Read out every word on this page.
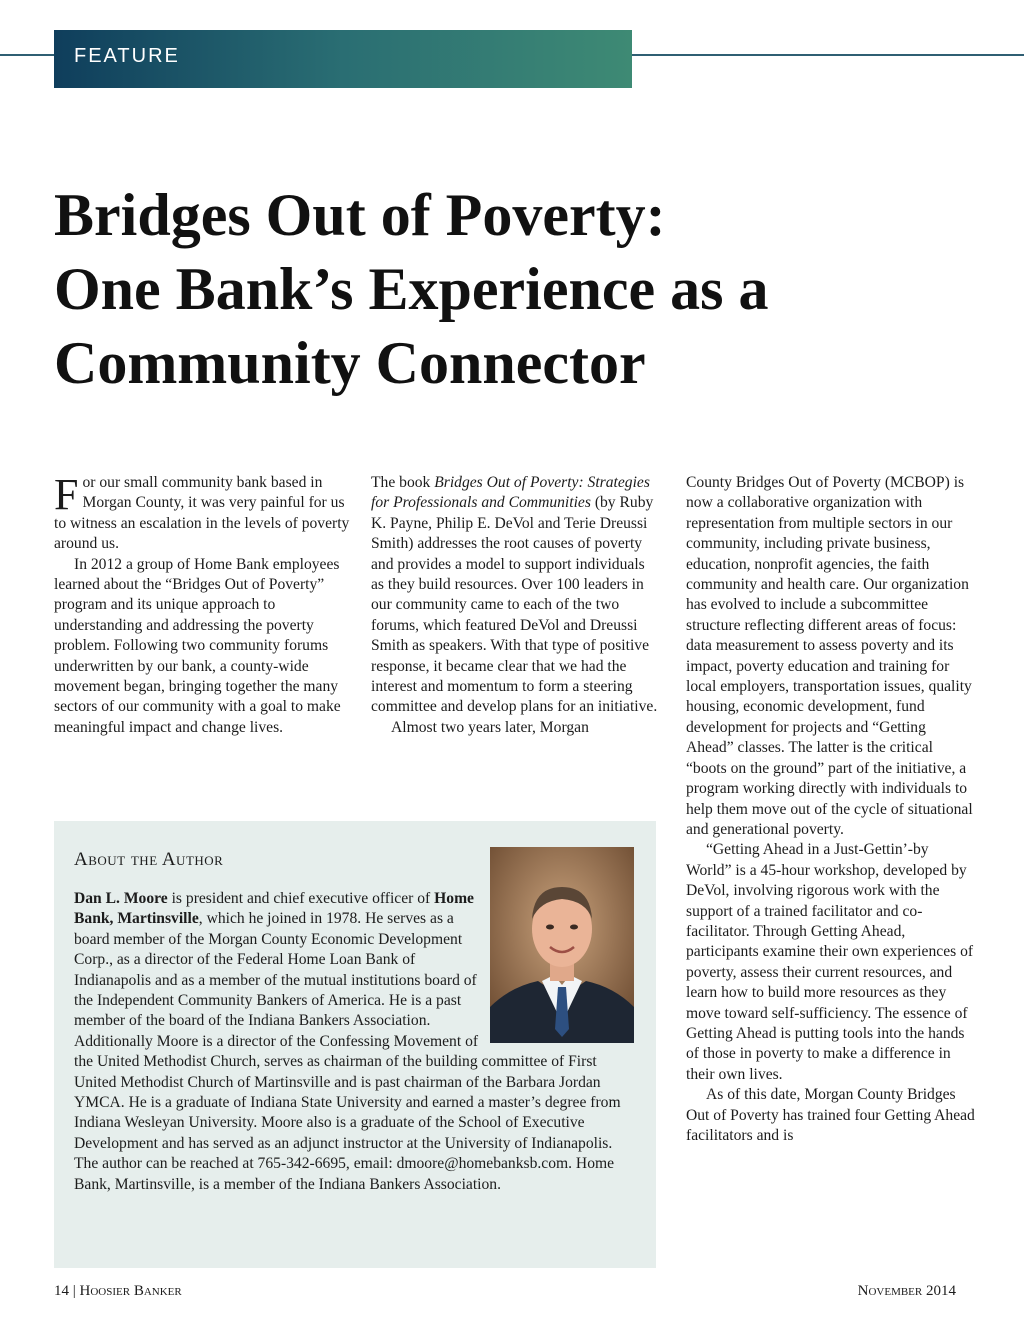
FEATURE
Bridges Out of Poverty:
One Bank’s Experience as a
Community Connector

For our small community bank based in Morgan County, it was very painful for us to witness an escalation in the levels of poverty around us.

In 2012 a group of Home Bank employees learned about the “Bridges Out of Poverty” program and its unique approach to understanding and addressing the poverty problem. Following two community forums underwritten by our bank, a county-wide movement began, bringing together the many sectors of our community with a goal to make meaningful impact and change lives.

The book Bridges Out of Poverty: Strategies for Professionals and Communities (by Ruby K. Payne, Philip E. DeVol and Terie Dreussi Smith) addresses the root causes of poverty and provides a model to support individuals as they build resources. Over 100 leaders in our community came to each of the two forums, which featured DeVol and Dreussi Smith as speakers. With that type of positive response, it became clear that we had the interest and momentum to form a steering committee and develop plans for an initiative.

Almost two years later, Morgan

County Bridges Out of Poverty (MCBOP) is now a collaborative organization with representation from multiple sectors in our community, including private business, education, nonprofit agencies, the faith community and health care. Our organization has evolved to include a subcommittee structure reflecting different areas of focus: data measurement to assess poverty and its impact, poverty education and training for local employers, transportation issues, quality housing, economic development, fund development for projects and “Getting Ahead” classes. The latter is the critical “boots on the ground” part of the initiative, a program working directly with individuals to help them move out of the cycle of situational and generational poverty.

“Getting Ahead in a Just-Gettin’-by World” is a 45-hour workshop, developed by DeVol, involving rigorous work with the support of a trained facilitator and co-facilitator. Through Getting Ahead, participants examine their own experiences of poverty, assess their current resources, and learn how to build more resources as they move toward self-sufficiency. The essence of Getting Ahead is putting tools into the hands of those in poverty to make a difference in their own lives.

As of this date, Morgan County Bridges Out of Poverty has trained four Getting Ahead facilitators and is

About the Author

Dan L. Moore is president and chief executive officer of Home Bank, Martinsville, which he joined in 1978. He serves as a board member of the Morgan County Economic Development Corp., as a director of the Federal Home Loan Bank of Indianapolis and as a member of the mutual institutions board of the Independent Community Bankers of America. He is a past member of the board of the Indiana Bankers Association. Additionally Moore is a director of the Confessing Movement of the United Methodist Church, serves as chairman of the building committee of First United Methodist Church of Martinsville and is past chairman of the Barbara Jordan YMCA. He is a graduate of Indiana State University and earned a master’s degree from Indiana Wesleyan University. Moore also is a graduate of the School of Executive Development and has served as an adjunct instructor at the University of Indianapolis. The author can be reached at 765-342-6695, email: dmoore@homebanksb.com. Home Bank, Martinsville, is a member of the Indiana Bankers Association.

14 | Hoosier Banker	November 2014
